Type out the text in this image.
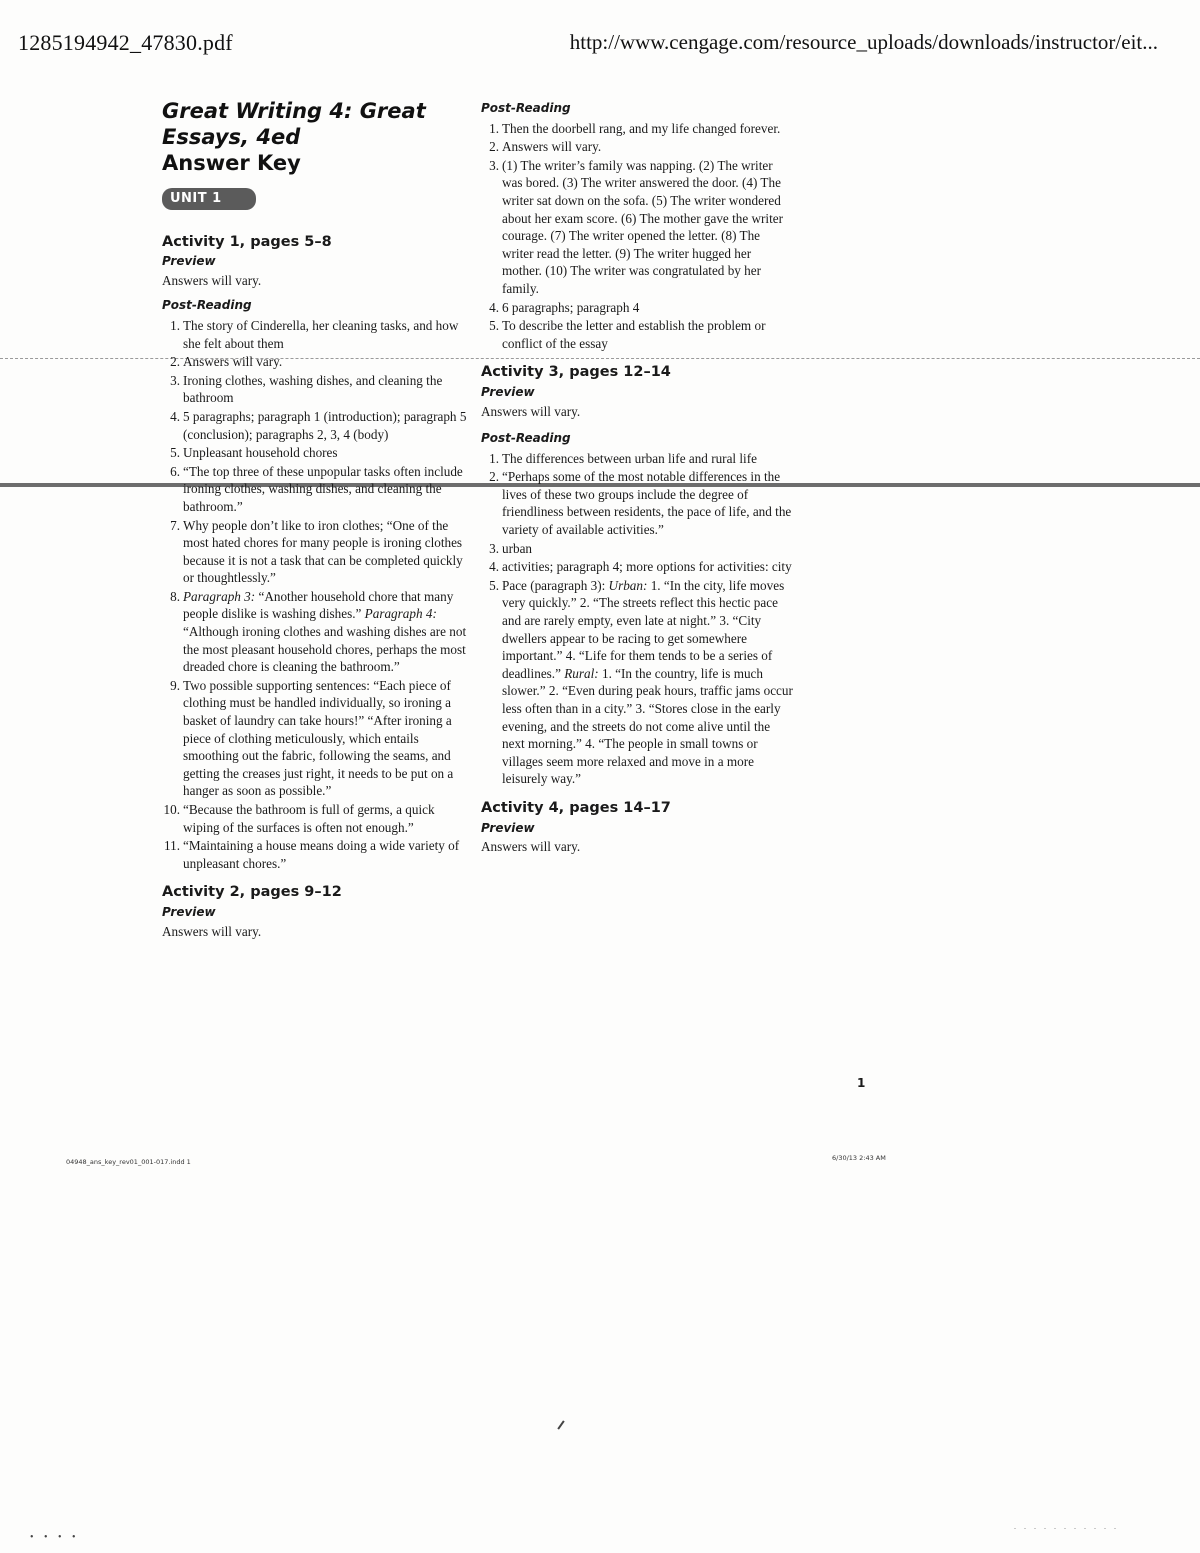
1285194942_47830.pdf	http://www.cengage.com/resource_uploads/downloads/instructor/eit...
Great Writing 4: Great
Essays, 4ed
Answer Key
UNIT 1
Activity 1, pages 5–8
Preview
Answers will vary.
Post-Reading
1. The story of Cinderella, her cleaning tasks, and how she felt about them
2. Answers will vary.
3. Ironing clothes, washing dishes, and cleaning the bathroom
4. 5 paragraphs; paragraph 1 (introduction); paragraph 5 (conclusion); paragraphs 2, 3, 4 (body)
5. Unpleasant household chores
6. “The top three of these unpopular tasks often include ironing clothes, washing dishes, and cleaning the bathroom.”
7. Why people don’t like to iron clothes; “One of the most hated chores for many people is ironing clothes because it is not a task that can be completed quickly or thoughtlessly.”
8. Paragraph 3: “Another household chore that many people dislike is washing dishes.” Paragraph 4: “Although ironing clothes and washing dishes are not the most pleasant household chores, perhaps the most dreaded chore is cleaning the bathroom.”
9. Two possible supporting sentences: “Each piece of clothing must be handled individually, so ironing a basket of laundry can take hours!” “After ironing a piece of clothing meticulously, which entails smoothing out the fabric, following the seams, and getting the creases just right, it needs to be put on a hanger as soon as possible.”
10. “Because the bathroom is full of germs, a quick wiping of the surfaces is often not enough.”
11. “Maintaining a house means doing a wide variety of unpleasant chores.”
Activity 2, pages 9–12
Preview
Answers will vary.
Post-Reading
1. Then the doorbell rang, and my life changed forever.
2. Answers will vary.
3. (1) The writer’s family was napping. (2) The writer was bored. (3) The writer answered the door. (4) The writer sat down on the sofa. (5) The writer wondered about her exam score. (6) The mother gave the writer courage. (7) The writer opened the letter. (8) The writer read the letter. (9) The writer hugged her mother. (10) The writer was congratulated by her family.
4. 6 paragraphs; paragraph 4
5. To describe the letter and establish the problem or conflict of the essay
Activity 3, pages 12–14
Preview
Answers will vary.
Post-Reading
1. The differences between urban life and rural life
2. “Perhaps some of the most notable differences in the lives of these two groups include the degree of friendliness between residents, the pace of life, and the variety of available activities.”
3. urban
4. activities; paragraph 4; more options for activities: city
5. Pace (paragraph 3): Urban: 1. “In the city, life moves very quickly.” 2. “The streets reflect this hectic pace and are rarely empty, even late at night.” 3. “City dwellers appear to be racing to get somewhere important.” 4. “Life for them tends to be a series of deadlines.” Rural: 1. “In the country, life is much slower.” 2. “Even during peak hours, traffic jams occur less often than in a city.” 3. “Stores close in the early evening, and the streets do not come alive until the next morning.” 4. “The people in small towns or villages seem more relaxed and move in a more leisurely way.”
Activity 4, pages 14–17
Preview
Answers will vary.
1
04948_ans_key_rev01_001-017.indd 1	6/30/13 2:43 AM
• • • •
. . . . . . . . . . .
